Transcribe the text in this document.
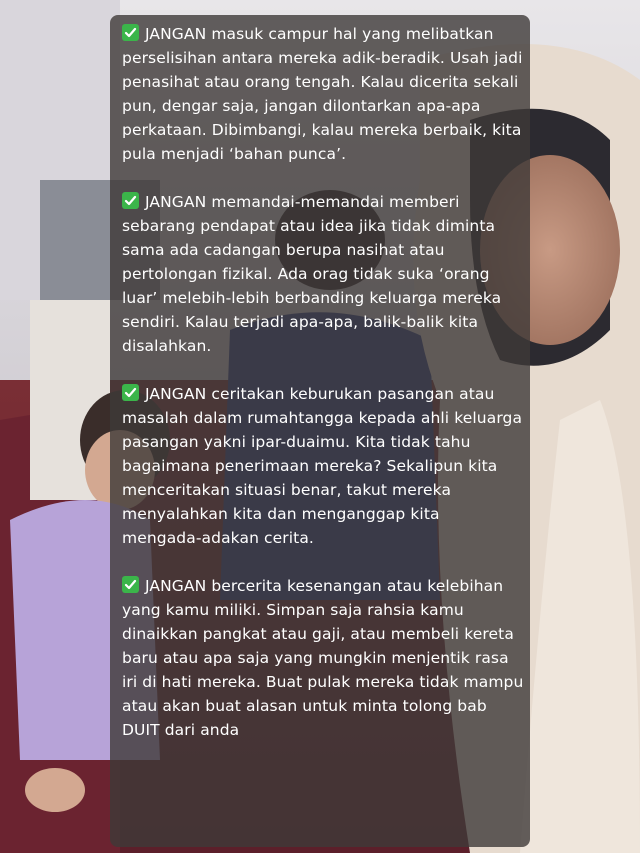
JANGAN masuk campur hal yang melibatkan perselisihan antara mereka adik-beradik. Usah jadi penasihat atau orang tengah. Kalau dicerita sekali pun, dengar saja, jangan dilontarkan apa-apa perkataan. Dibimbangi, kalau mereka berbaik, kita pula menjadi ‘bahan punca’.

JANGAN memandai-memandai memberi sebarang pendapat atau idea jika tidak diminta sama ada cadangan berupa nasihat atau pertolongan fizikal. Ada orag tidak suka ‘orang luar’ melebih-lebih berbanding keluarga mereka sendiri. Kalau terjadi apa-apa, balik-balik kita disalahkan.

JANGAN ceritakan keburukan pasangan atau masalah dalam rumahtangga kepada ahli keluarga pasangan yakni ipar-duaimu. Kita tidak tahu bagaimana penerimaan mereka? Sekalipun kita menceritakan situasi benar, takut mereka menyalahkan kita dan menganggap kita mengada-adakan cerita.

JANGAN bercerita kesenangan atau kelebihan yang kamu miliki. Simpan saja rahsia kamu dinaikkan pangkat atau gaji, atau membeli kereta baru atau apa saja yang mungkin menjentik rasa iri di hati mereka. Buat pulak mereka tidak mampu atau akan buat alasan untuk minta tolong bab DUIT dari anda
